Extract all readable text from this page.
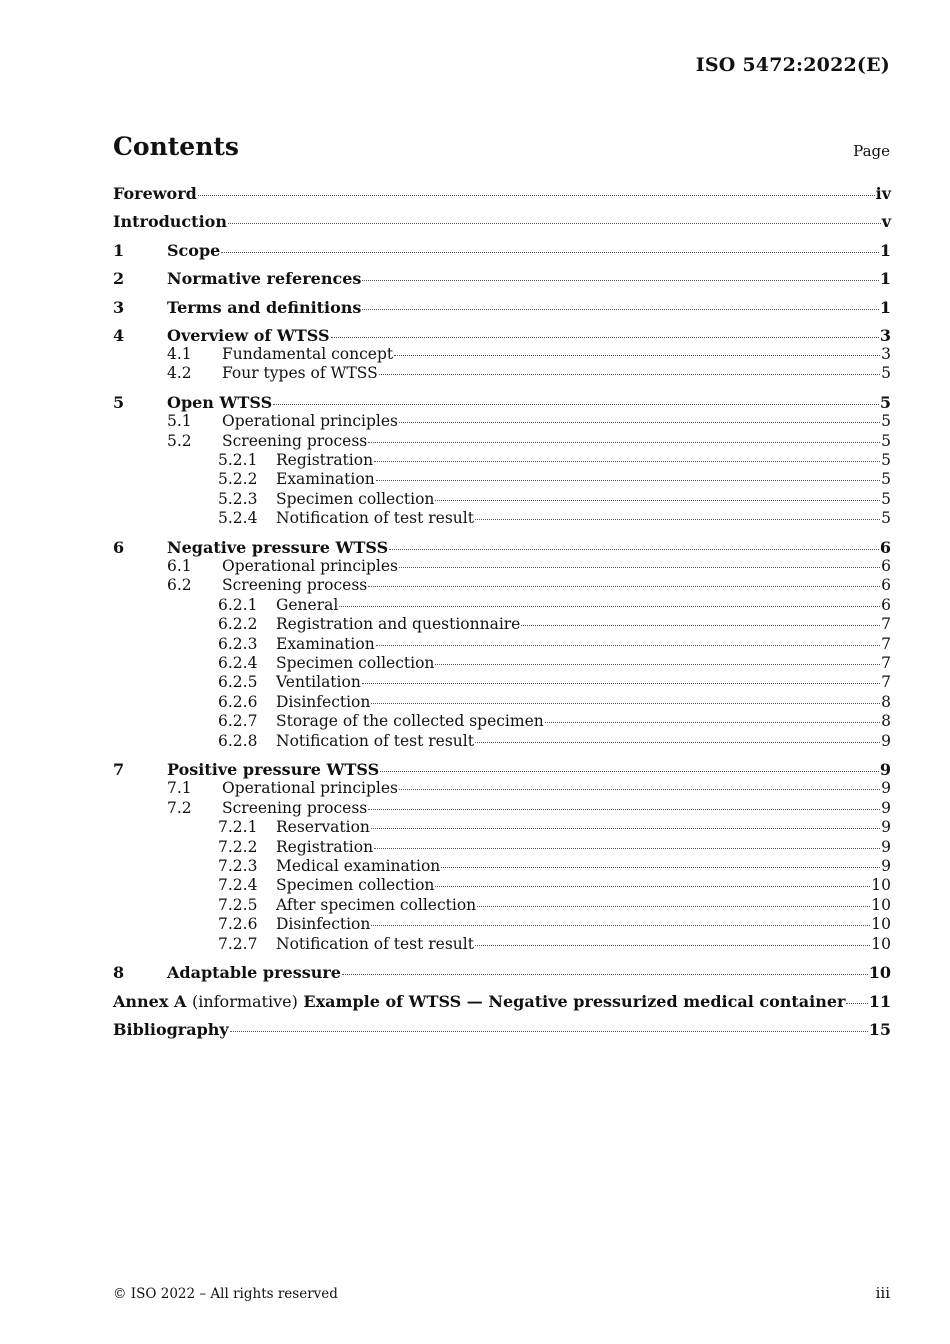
ISO 5472:2022(E)
Contents	Page
Foreword	iv
Introduction	v
1	Scope	1
2	Normative references	1
3	Terms and definitions	1
4	Overview of WTSS	3
4.1 Fundamental concept	3
4.2 Four types of WTSS	5
5	Open WTSS	5
5.1 Operational principles	5
5.2 Screening process	5
5.2.1 Registration	5
5.2.2 Examination	5
5.2.3 Specimen collection	5
5.2.4 Notification of test result	5
6	Negative pressure WTSS	6
6.1 Operational principles	6
6.2 Screening process	6
6.2.1 General	6
6.2.2 Registration and questionnaire	7
6.2.3 Examination	7
6.2.4 Specimen collection	7
6.2.5 Ventilation	7
6.2.6 Disinfection	8
6.2.7 Storage of the collected specimen	8
6.2.8 Notification of test result	9
7	Positive pressure WTSS	9
7.1 Operational principles	9
7.2 Screening process	9
7.2.1 Reservation	9
7.2.2 Registration	9
7.2.3 Medical examination	9
7.2.4 Specimen collection	10
7.2.5 After specimen collection	10
7.2.6 Disinfection	10
7.2.7 Notification of test result	10
8	Adaptable pressure	10
Annex A (informative) Example of WTSS — Negative pressurized medical container 11
Bibliography	15
© ISO 2022 – All rights reserved	iii
